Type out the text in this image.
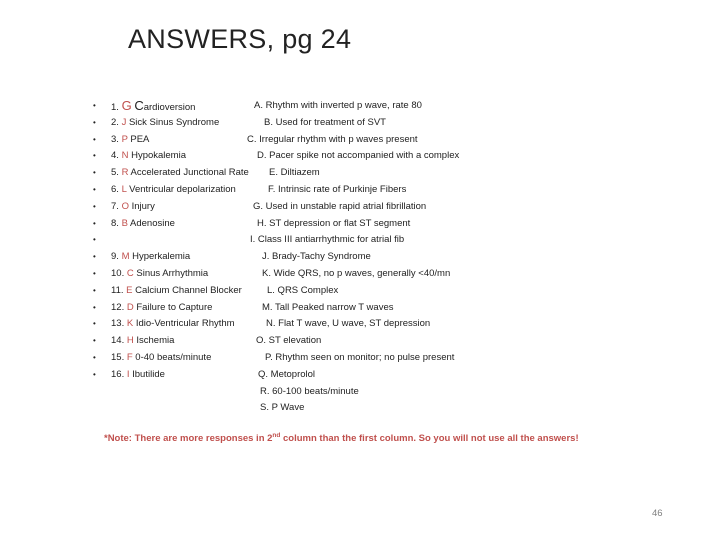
ANSWERS, pg 24
• 1. G Cardioversion	A. Rhythm with inverted p wave, rate 80
• 2. J Sick Sinus Syndrome	B. Used for treatment of SVT
• 3. P PEA	C. Irregular rhythm with p waves present
• 4. N Hypokalemia	D. Pacer spike not accompanied with a complex
• 5. R Accelerated Junctional Rate E. Diltiazem
• 6. L Ventricular depolarization	F. Intrinsic rate of Purkinje Fibers
• 7. O Injury	G. Used in unstable rapid atrial fibrillation
• 8. B Adenosine	H. ST depression or flat ST segment
•	I. Class III antiarrhythmic for atrial fib
• 9. M Hyperkalemia	J. Brady-Tachy Syndrome
• 10. C Sinus Arrhythmia	K. Wide QRS, no p waves, generally <40/mn
• 11. E Calcium Channel Blocker	L. QRS Complex
• 12. D Failure to Capture	M. Tall Peaked narrow T waves
• 13. K Idio-Ventricular Rhythm	N. Flat T wave, U wave, ST depression
• 14. H Ischemia	O. ST elevation
• 15. F 0-40 beats/minute	P. Rhythm seen on monitor; no pulse present
• 16. I Ibutilide	Q. Metoprolol
R. 60-100 beats/minute
S. P Wave
*Note: There are more responses in 2nd column than the first column. So you will not use all the answers!
46
